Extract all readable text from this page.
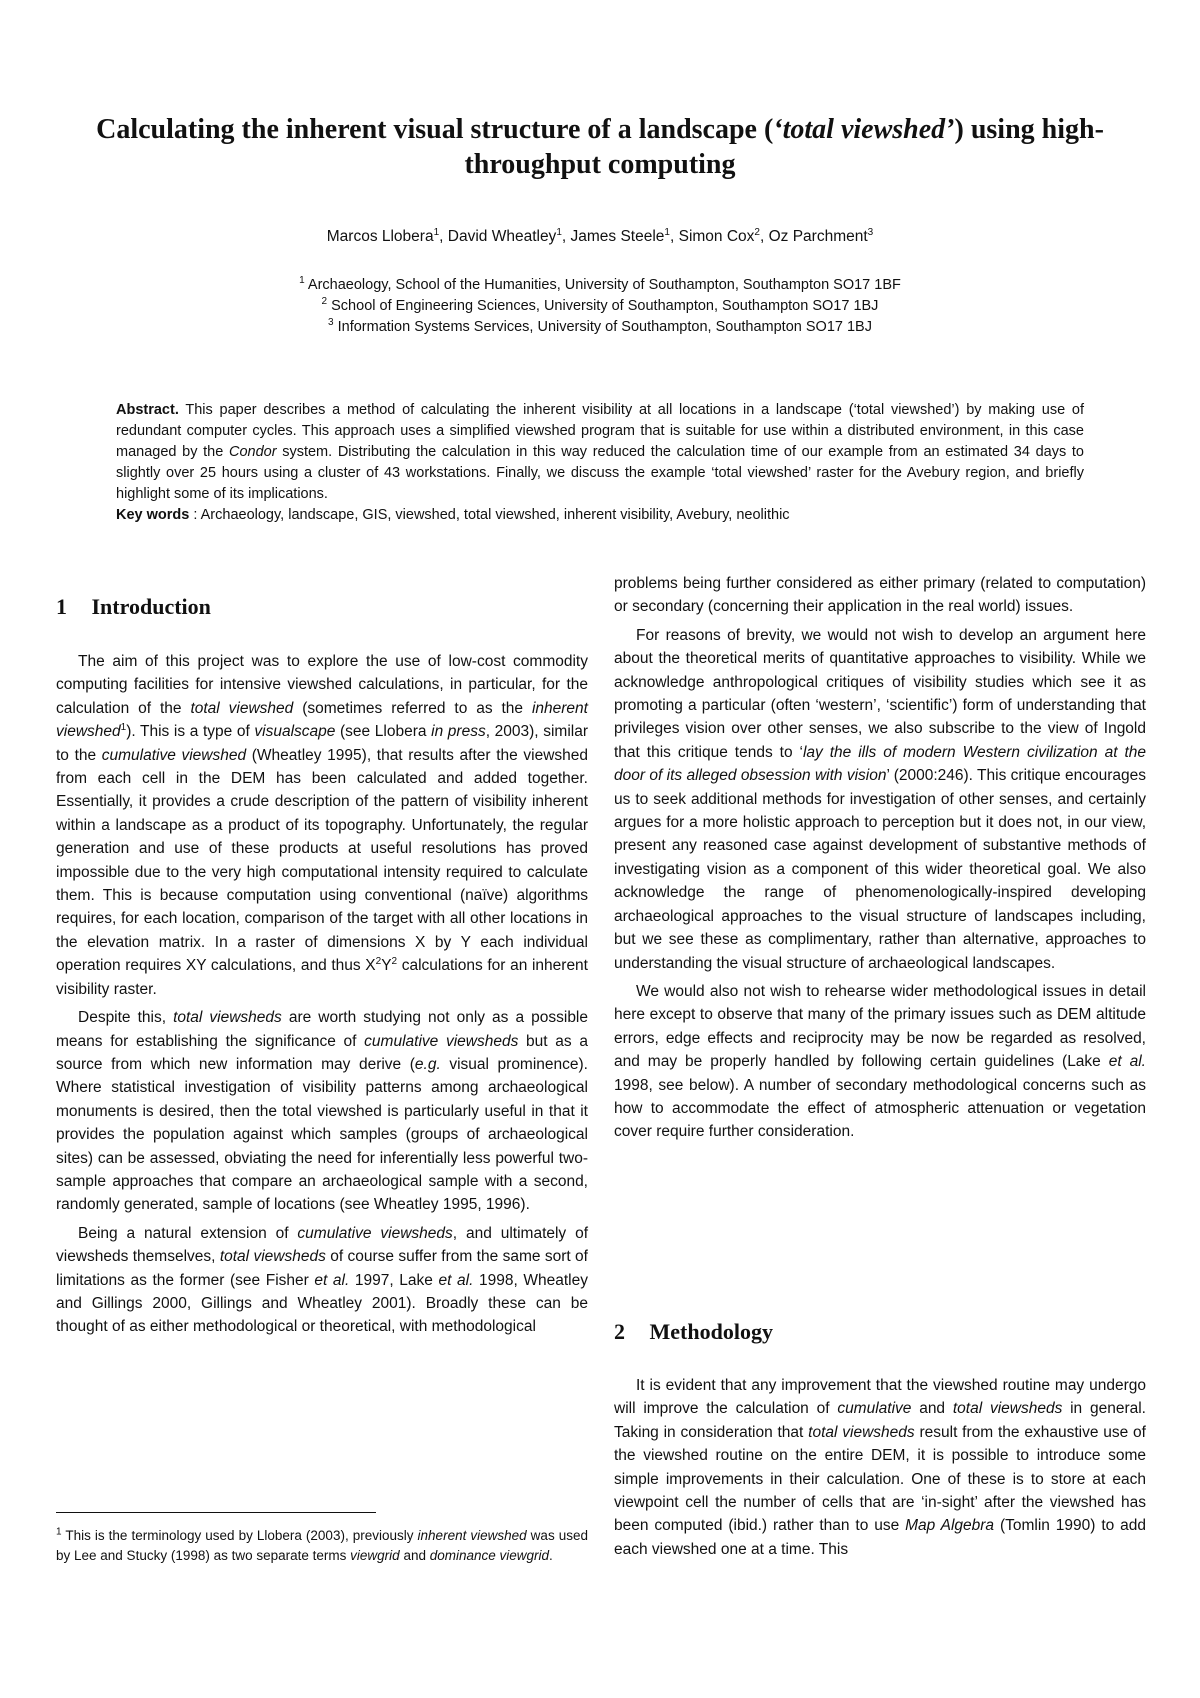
Calculating the inherent visual structure of a landscape (‘total viewshed’) using high-throughput computing
Marcos Llobera$^1$, David Wheatley$^1$, James Steele$^1$, Simon Cox$^2$, Oz Parchment$^3$
$^1$ Archaeology, School of the Humanities, University of Southampton, Southampton SO17 1BF
$^2$ School of Engineering Sciences, University of Southampton, Southampton SO17 1BJ
$^3$ Information Systems Services, University of Southampton, Southampton SO17 1BJ

Abstract. This paper describes a method of calculating the inherent visibility at all locations in a landscape (‘total viewshed’) by making use of redundant computer cycles. This approach uses a simplified viewshed program that is suitable for use within a distributed environment, in this case managed by the Condor system. Distributing the calculation in this way reduced the calculation time of our example from an estimated 34 days to slightly over 25 hours using a cluster of 43 workstations. Finally, we discuss the example ‘total viewshed’ raster for the Avebury region, and briefly highlight some of its implications.

Key words : Archaeology, landscape, GIS, viewshed, total viewshed, inherent visibility, Avebury, neolithic

1 Introduction

The aim of this project was to explore the use of low-cost commodity computing facilities for intensive viewshed calculations, in particular, for the calculation of the total viewshed (sometimes referred to as the inherent viewshed$^1$). This is a type of visualscape (see Llobera in press, 2003), similar to the cumulative viewshed (Wheatley 1995), that results after the viewshed from each cell in the DEM has been calculated and added together. Essentially, it provides a crude description of the pattern of visibility inherent within a landscape as a product of its topography. Unfortunately, the regular generation and use of these products at useful resolutions has proved impossible due to the very high computational intensity required to calculate them. This is because computation using conventional (naïve) algorithms requires, for each location, comparison of the target with all other locations in the elevation matrix. In a raster of dimensions X by Y each individual operation requires XY calculations, and thus $X^2Y^2$ calculations for an inherent visibility raster.

Despite this, total viewsheds are worth studying not only as a possible means for establishing the significance of cumulative viewsheds but as a source from which new information may derive (e.g. visual prominence). Where statistical investigation of visibility patterns among archaeological monuments is desired, then the total viewshed is particularly useful in that it provides the population against which samples (groups of archaeological sites) can be assessed, obviating the need for inferentially less powerful two-sample approaches that compare an archaeological sample with a second, randomly generated, sample of locations (see Wheatley 1995, 1996).

Being a natural extension of cumulative viewsheds, and ultimately of viewsheds themselves, total viewsheds of course suffer from the same sort of limitations as the former (see Fisher et al. 1997, Lake et al. 1998, Wheatley and Gillings 2000, Gillings and Wheatley 2001). Broadly these can be thought of as either methodological or theoretical, with methodological

$^1$ This is the terminology used by Llobera (2003), previously inherent viewshed was used by Lee and Stucky (1998) as two separate terms viewgrid and dominance viewgrid.

problems being further considered as either primary (related to computation) or secondary (concerning their application in the real world) issues.

For reasons of brevity, we would not wish to develop an argument here about the theoretical merits of quantitative approaches to visibility. While we acknowledge anthropological critiques of visibility studies which see it as promoting a particular (often ‘western’, ‘scientific’) form of understanding that privileges vision over other senses, we also subscribe to the view of Ingold that this critique tends to ‘lay the ills of modern Western civilization at the door of its alleged obsession with vision’ (2000:246). This critique encourages us to seek additional methods for investigation of other senses, and certainly argues for a more holistic approach to perception but it does not, in our view, present any reasoned case against development of substantive methods of investigating vision as a component of this wider theoretical goal. We also acknowledge the range of phenomenologically-inspired developing archaeological approaches to the visual structure of landscapes including, but we see these as complimentary, rather than alternative, approaches to understanding the visual structure of archaeological landscapes.

We would also not wish to rehearse wider methodological issues in detail here except to observe that many of the primary issues such as DEM altitude errors, edge effects and reciprocity may be now be regarded as resolved, and may be properly handled by following certain guidelines (Lake et al. 1998, see below). A number of secondary methodological concerns such as how to accommodate the effect of atmospheric attenuation or vegetation cover require further consideration.

2 Methodology

It is evident that any improvement that the viewshed routine may undergo will improve the calculation of cumulative and total viewsheds in general. Taking in consideration that total viewsheds result from the exhaustive use of the viewshed routine on the entire DEM, it is possible to introduce some simple improvements in their calculation. One of these is to store at each viewpoint cell the number of cells that are ‘in-sight’ after the viewshed has been computed (ibid.) rather than to use Map Algebra (Tomlin 1990) to add each viewshed one at a time. This
